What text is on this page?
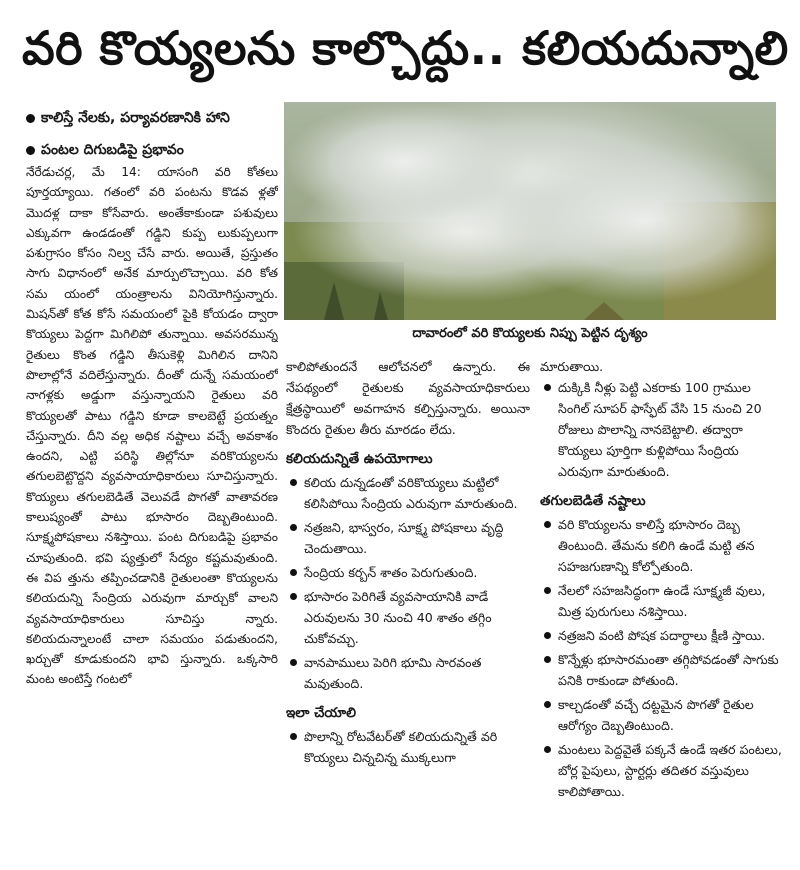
వరి కొయ్యలను కాల్చొద్దు.. కలియదున్నాలి
కాలిస్తే నేలకు, పర్యావరణానికి హాని
పంటల దిగుబడిపై ప్రభావం

నేరేడుచర్ల, మే 14: యాసంగి వరి కోతలు పూర్తయ్యాయి. గతంలో వరి పంటను కొడవ ళ్లతో మొదళ్ల దాకా కోసేవారు. అంతేకాకుండా పశువులు ఎక్కువగా ఉండడంతో గడ్డిని కుప్ప లుకుప్పలుగా పశుగ్రాసం కోసం నిల్వ చేసే వారు. అయితే, ప్రస్తుతం సాగు విధానంలో అనేక మార్పులొచ్చాయి. వరి కోత సమ యంలో యంత్రాలను వినియోగిస్తున్నారు. మిషన్‌తో కోత కోసే సమయంలో పైకి కోయడం ద్వారా కొయ్యలు పెద్దగా మిగిలిపో తున్నాయి. అవసరమున్న రైతులు కొంత గడ్డిని తీసుకెళ్లి మిగిలిన దానిని పొలాల్లోనే వదిలేస్తున్నారు. దీంతో దున్నే సమయంలో నాగళ్లకు అడ్డుగా వస్తున్నాయని రైతులు వరి కొయ్యలతో పాటు గడ్డిని కూడా కాలబెట్టే ప్రయత్నం చేస్తున్నారు. దీని వల్ల అధిక నష్టాలు వచ్చే అవకాశం ఉందని, ఎట్టి పరిస్థి తిల్లోనూ వరికొయ్యలను తగులబెట్టొద్దని వ్యవసాయాధికారులు సూచిస్తున్నారు. కొయ్యలు తగులబెడితే వెలువడే పొగతో వాతావరణ కాలుష్యంతో పాటు భూసారం దెబ్బతింటుంది. సూక్ష్మపోషకాలు నశిస్తాయి. పంట దిగుబడిపై ప్రభావం చూపుతుంది. భవి ష్యత్తులో సేద్యం కష్టమవుతుంది. ఈ విప త్తును తప్పించడానికి రైతులంతా కొయ్యలను కలియదున్ని సేంద్రియ ఎరువుగా మార్చుకో వాలని వ్యవసాయాధికారులు సూచిస్తు న్నారు. కలియదున్నాలంటే చాలా సమయం పడుతుందని, ఖర్చుతో కూడుకుందని భావి స్తున్నారు. ఒక్కసారి మంట అంటిస్తే గంటలో

దావారంలో వరి కొయ్యలకు నిప్పు పెట్టిన దృశ్యం

కాలిపోతుందనే ఆలోచనలో ఉన్నారు. ఈ నేపథ్యంలో రైతులకు వ్యవసాయాధికారులు క్షేత్రస్థాయిలో అవగాహన కల్పిస్తున్నారు. అయినా కొందరు రైతుల తీరు మారడం లేదు.

కలియదున్నితే ఉపయోగాలు
కలియ దున్నడంతో వరికొయ్యలు మట్టిలో కలిసిపోయి సేంద్రియ ఎరువుగా మారుతుంది.
నత్రజని, భాస్వరం, సూక్ష్మ పోషకాలు వృద్ధి చెందుతాయి.
సేంద్రియ కర్బన్ శాతం పెరుగుతుంది.
భూసారం పెరిగితే వ్యవసాయానికి వాడే ఎరువులను 30 నుంచి 40 శాతం తగ్గిం చుకోవచ్చు.
వానపాములు పెరిగి భూమి సారవంత మవుతుంది.
ఇలా చేయాలి
పొలాన్ని రోటవేటర్‌తో కలియదున్నితే వరి కొయ్యలు చిన్నచిన్న ముక్కలుగా

మారుతాయి.

దుక్కికి నీళ్లు పెట్టి ఎకరాకు 100 గ్రాముల సింగిల్ సూపర్ ఫాస్ఫేట్ వేసి 15 నుంచి 20 రోజులు పొలాన్ని నానబెట్టాలి. తద్వారా కొయ్యలు పూర్తిగా కుళ్లిపోయి సేంద్రియ ఎరువుగా మారుతుంది.
తగులబెడితే నష్టాలు
వరి కొయ్యలను కాలిస్తే భూసారం దెబ్బ తింటుంది. తేమను కలిగి ఉండే మట్టి తన సహజగుణాన్ని కోల్పోతుంది.
నేలలో సహజసిద్ధంగా ఉండే సూక్ష్మజీ వులు, మిత్ర పురుగులు నశిస్తాయి.
నత్రజని వంటి పోషక పదార్థాలు క్షీణి స్తాయి.
కొన్నేళ్లు భూసారమంతా తగ్గిపోవడంతో సాగుకు పనికి రాకుండా పోతుంది.
కాల్చడంతో వచ్చే దట్టమైన పొగతో రైతుల ఆరోగ్యం దెబ్బతింటుంది.
మంటలు పెద్దవైతే పక్కనే ఉండే ఇతర పంటలు, బోర్ల పైపులు, స్టార్టర్లు తదితర వస్తువులు కాలిపోతాయి.
